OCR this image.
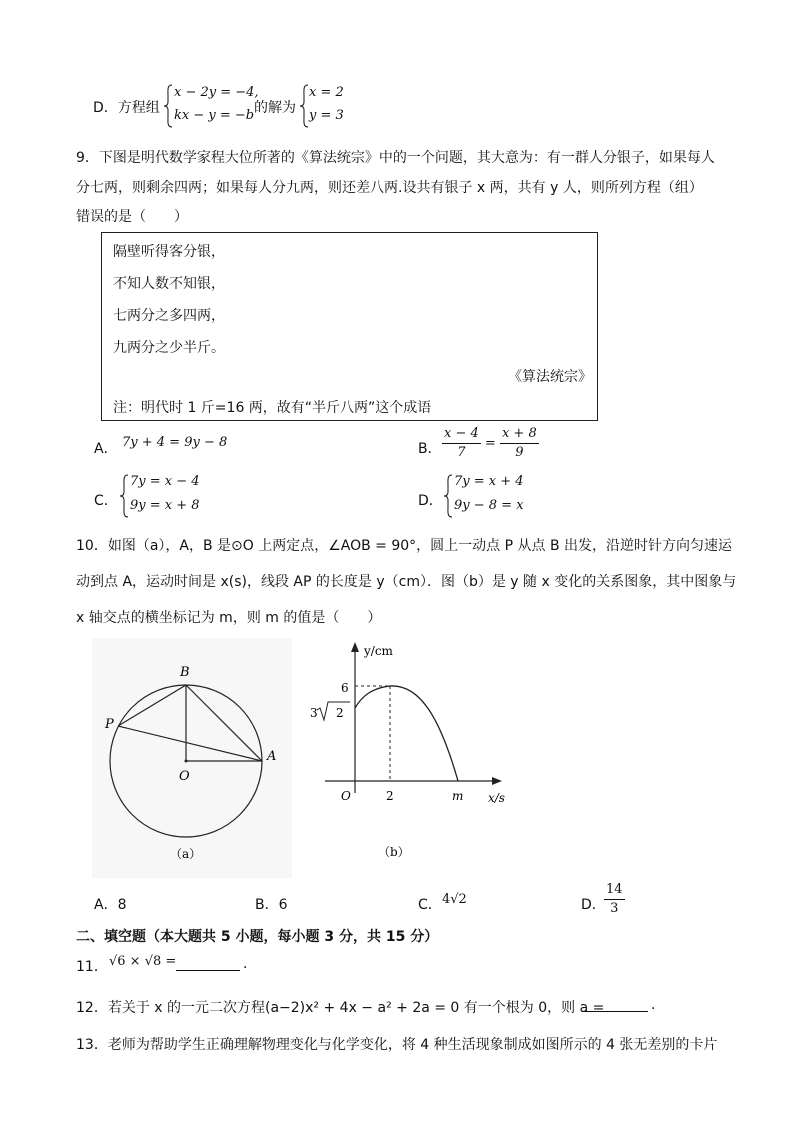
D．方程组
x − 2y = −4,
kx − y = −b 的解为
x = 2
y = 3
9．下图是明代数学家程大位所著的《算法统宗》中的一个问题，其大意为：有一群人分银子，如果每人
分七两，则剩余四两；如果每人分九两，则还差八两.设共有银子 x 两，共有 y 人，则所列方程（组）
错误的是（　　）
隔壁听得客分银，
不知人数不知银，
七两分之多四两，
九两分之少半斤。
《算法统宗》
注：明代时 1 斤=16 两，故有“半斤八两”这个成语
A． 7y + 4 = 9y − 8	B． $\frac{x - 4}{7} = \frac{x + 8}{9}$
C．
7y = x − 4
9y = x + 8	D．
7y = x + 4
9y − 8 = x
10．如图（a），A，B 是⊙O 上两定点，∠AOB = 90°，圆上一动点 P 从点 B 出发，沿逆时针方向匀速运
动到点 A，运动时间是 x(s)，线段 AP 的长度是 y（cm）．图（b）是 y 随 x 变化的关系图象，其中图象与
x 轴交点的横坐标记为 m，则 m 的值是（　　）
B
P
O
A
（a）
y/cm
6
3 2
O	2	m x/s
（b）
A．8	B．6	C． 4√2	D．
$\frac{14}{3}$
二、填空题（本大题共 5 小题，每小题 3 分，共 15 分）
11． √6 × √8 =	.
12．若关于 x 的一元二次方程(a−2)x² + 4x − a² + 2a = 0 有一个根为 0，则 a =	.
13．老师为帮助学生正确理解物理变化与化学变化，将 4 种生活现象制成如图所示的 4 张无差别的卡片
